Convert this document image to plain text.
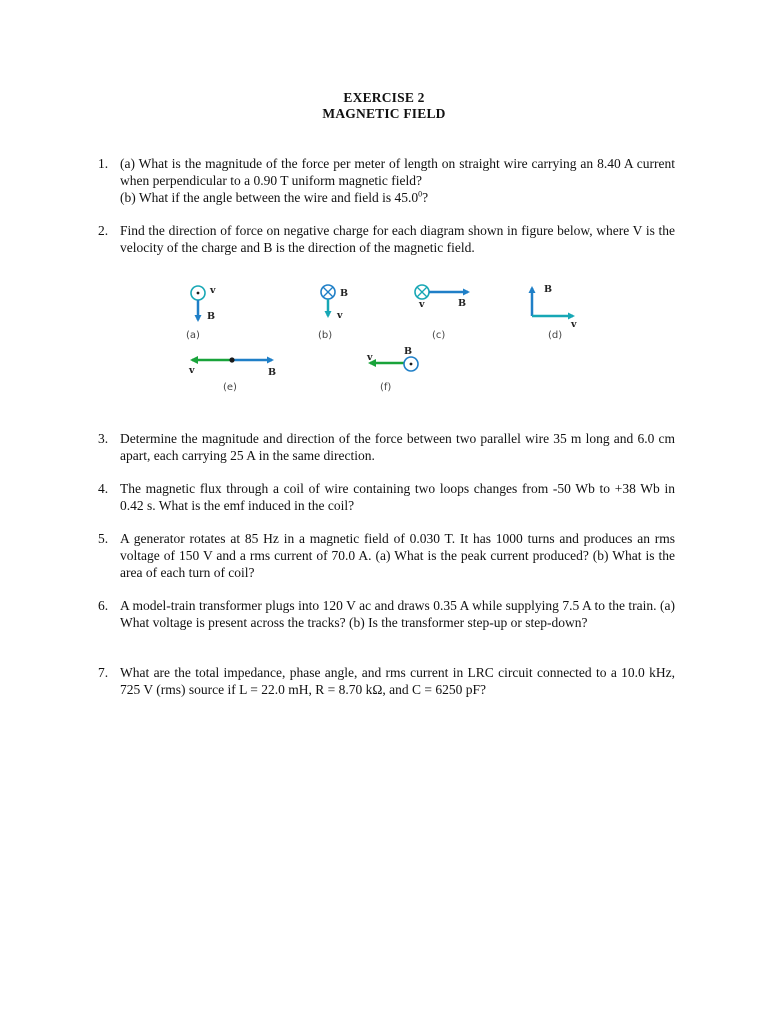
EXERCISE 2
MAGNETIC FIELD
1. (a) What is the magnitude of the force per meter of length on straight wire carrying an 8.40 A current when perpendicular to a 0.90 T uniform magnetic field?

(b) What if the angle between the wire and field is 45.0$^0$?

2. Find the direction of force on negative charge for each diagram shown in figure below, where V is the velocity of the charge and B is the direction of the magnetic field.
v
B
(a)
B
v
(b)
v	B
(c)
B
v
(d)
v	B
(e)
v
B
(f)
3. Determine the magnitude and direction of the force between two parallel wire 35 m long and 6.0 cm apart, each carrying 25 A in the same direction.
4. The magnetic flux through a coil of wire containing two loops changes from -50 Wb to +38 Wb in 0.42 s. What is the emf induced in the coil?
5. A generator rotates at 85 Hz in a magnetic field of 0.030 T. It has 1000 turns and produces an rms voltage of 150 V and a rms current of 70.0 A. (a) What is the peak current produced? (b) What is the area of each turn of coil?
6. A model-train transformer plugs into 120 V ac and draws 0.35 A while supplying 7.5 A to the train. (a) What voltage is present across the tracks? (b) Is the transformer step-up or step-down?
7. What are the total impedance, phase angle, and rms current in LRC circuit connected to a 10.0 kHz, 725 V (rms) source if L = 22.0 mH, R = 8.70 kΩ, and C = 6250 pF?
